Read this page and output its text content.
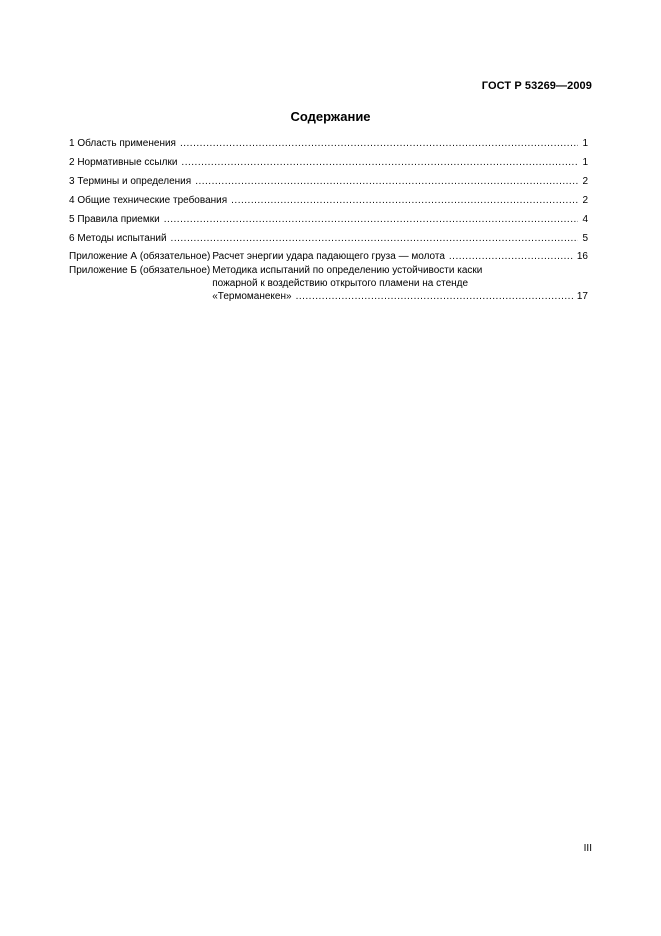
ГОСТ Р 53269—2009
Содержание
1 Область применения .....	1
2 Нормативные ссылки .....	1
3 Термины и определения .....	2
4 Общие технические требования .....	2
5 Правила приемки .....	4
6 Методы испытаний .....	5
Приложение А (обязательное) Расчет энергии удара падающего груза — молота .....	16
Приложение Б (обязательное) Методика испытаний по определению устойчивости каски
пожарной к воздействию открытого пламени на стенде
«Термоманекен» .....	17
III
